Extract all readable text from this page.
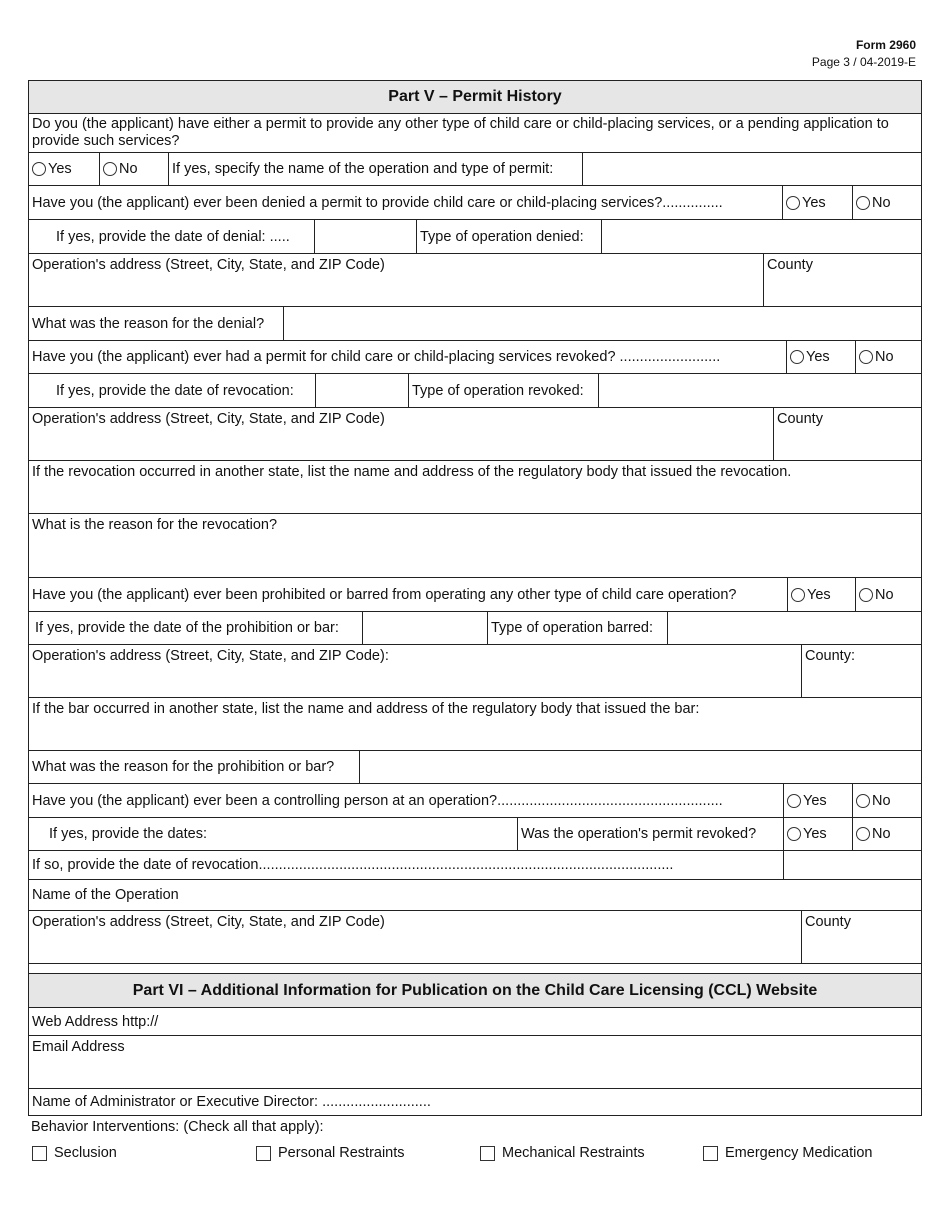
Form 2960
Page 3 / 04-2019-E
Part V – Permit History
Do you (the applicant) have either a permit to provide any other type of child care or child-placing services, or a pending application to provide such services?
Yes	No If yes, specify the name of the operation and type of permit:
Have you (the applicant) ever been denied a permit to provide child care or child-placing services?...............	Yes	No
If yes, provide the date of denial: .....	Type of operation denied:
Operation's address (Street, City, State, and ZIP Code)	County
What was the reason for the denial?
Have you (the applicant) ever had a permit for child care or child-placing services revoked? .........................	Yes	No
If yes, provide the date of revocation:	Type of operation revoked:
Operation's address (Street, City, State, and ZIP Code)	County
If the revocation occurred in another state, list the name and address of the regulatory body that issued the revocation.
What is the reason for the revocation?
Have you (the applicant) ever been prohibited or barred from operating any other type of child care operation?	Yes	No
If yes, provide the date of the prohibition or bar:	Type of operation barred:
Operation's address (Street, City, State, and ZIP Code):	County:
If the bar occurred in another state, list the name and address of the regulatory body that issued the bar:
What was the reason for the prohibition or bar?
Have you (the applicant) ever been a controlling person at an operation?........................................................	Yes	No
If yes, provide the dates:	Was the operation's permit revoked?	Yes	No
If so, provide the date of revocation.......................................................................................................
Name of the Operation
Operation's address (Street, City, State, and ZIP Code)	County
Part VI – Additional Information for Publication on the Child Care Licensing (CCL) Website
Web Address http://
Email Address
Name of Administrator or Executive Director: ...........................
Behavior Interventions: (Check all that apply):
Seclusion	Personal Restraints	Mechanical Restraints	Emergency Medication
